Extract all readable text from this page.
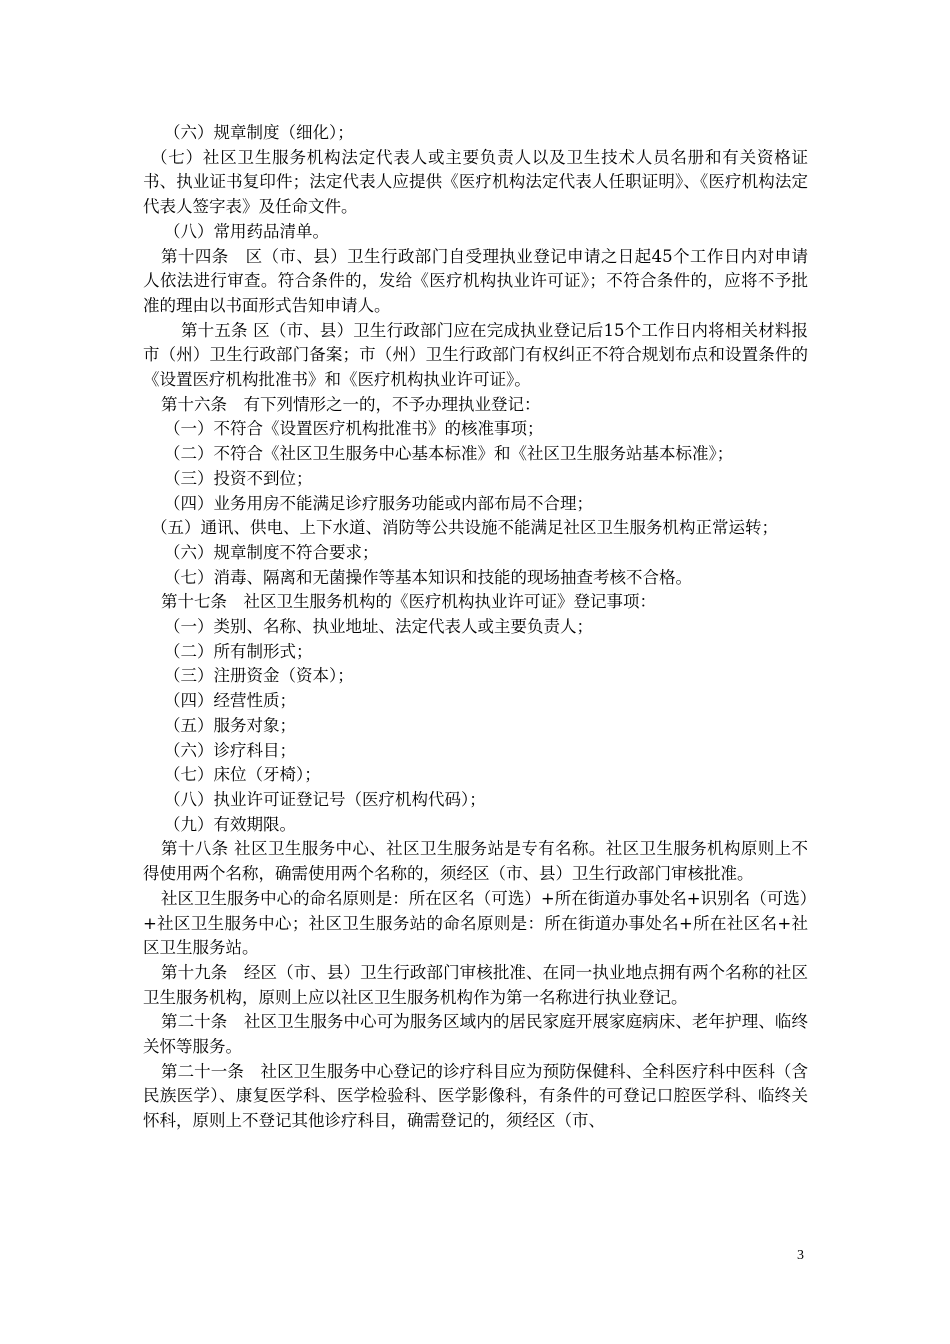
（六）规章制度（细化）；

（七）社区卫生服务机构法定代表人或主要负责人以及卫生技术人员名册和有关资格证书、执业证书复印件；法定代表人应提供《医疗机构法定代表人任职证明》、《医疗机构法定代表人签字表》及任命文件。

（八）常用药品清单。

第十四条　区（市、县）卫生行政部门自受理执业登记申请之日起45个工作日内对申请人依法进行审查。符合条件的，发给《医疗机构执业许可证》；不符合条件的，应将不予批准的理由以书面形式告知申请人。

第十五条 区（市、县）卫生行政部门应在完成执业登记后15个工作日内将相关材料报市（州）卫生行政部门备案；市（州）卫生行政部门有权纠正不符合规划布点和设置条件的《设置医疗机构批准书》和《医疗机构执业许可证》。

第十六条　有下列情形之一的，不予办理执业登记：

（一）不符合《设置医疗机构批准书》的核准事项；

（二）不符合《社区卫生服务中心基本标准》和《社区卫生服务站基本标准》；

（三）投资不到位；

（四）业务用房不能满足诊疗服务功能或内部布局不合理；

（五）通讯、供电、上下水道、消防等公共设施不能满足社区卫生服务机构正常运转；

（六）规章制度不符合要求；

（七）消毒、隔离和无菌操作等基本知识和技能的现场抽查考核不合格。

第十七条　社区卫生服务机构的《医疗机构执业许可证》登记事项：

（一）类别、名称、执业地址、法定代表人或主要负责人；

（二）所有制形式；

（三）注册资金（资本）；

（四）经营性质；

（五）服务对象；

（六）诊疗科目；

（七）床位（牙椅）；

（八）执业许可证登记号（医疗机构代码）；

（九）有效期限。

第十八条 社区卫生服务中心、社区卫生服务站是专有名称。社区卫生服务机构原则上不得使用两个名称，确需使用两个名称的，须经区（市、县）卫生行政部门审核批准。

社区卫生服务中心的命名原则是：所在区名（可选）+所在街道办事处名+识别名（可选）+社区卫生服务中心；社区卫生服务站的命名原则是：所在街道办事处名+所在社区名+社区卫生服务站。

第十九条　经区（市、县）卫生行政部门审核批准、在同一执业地点拥有两个名称的社区卫生服务机构，原则上应以社区卫生服务机构作为第一名称进行执业登记。

第二十条　社区卫生服务中心可为服务区域内的居民家庭开展家庭病床、老年护理、临终关怀等服务。

第二十一条　社区卫生服务中心登记的诊疗科目应为预防保健科、全科医疗科中医科（含民族医学）、康复医学科、医学检验科、医学影像科，有条件的可登记口腔医学科、临终关怀科，原则上不登记其他诊疗科目，确需登记的，须经区（市、

3
